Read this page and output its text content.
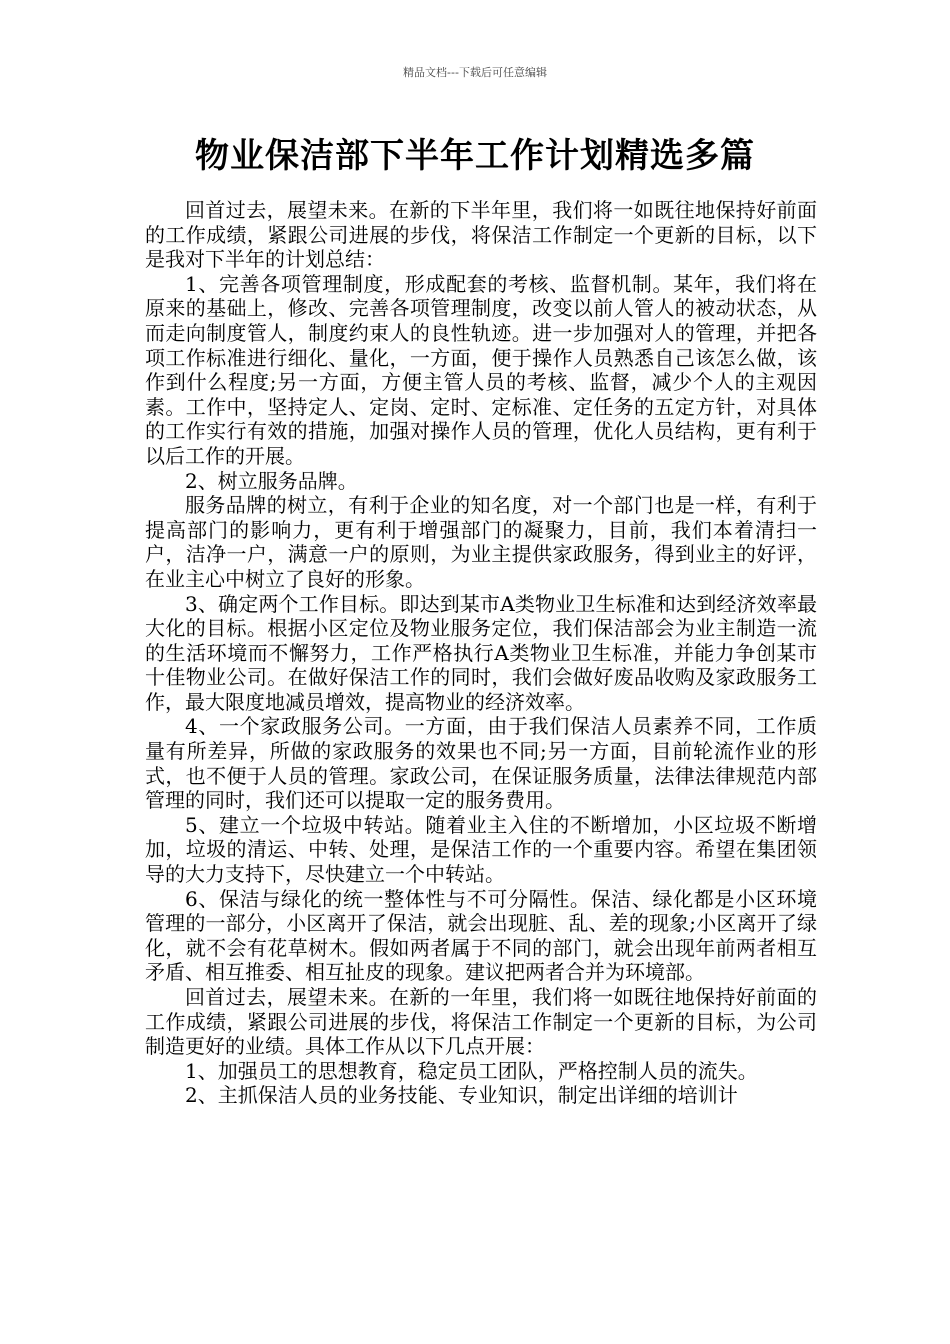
精品文档---下载后可任意编辑
物业保洁部下半年工作计划精选多篇

回首过去，展望未来。在新的下半年里，我们将一如既往地保持好前面的工作成绩，紧跟公司进展的步伐，将保洁工作制定一个更新的目标，以下是我对下半年的计划总结：

1、完善各项管理制度，形成配套的考核、监督机制。某年，我们将在原来的基础上，修改、完善各项管理制度，改变以前人管人的被动状态，从而走向制度管人，制度约束人的良性轨迹。进一步加强对人的管理，并把各项工作标准进行细化、量化，一方面，便于操作人员熟悉自己该怎么做，该作到什么程度;另一方面，方便主管人员的考核、监督，减少个人的主观因素。工作中，坚持定人、定岗、定时、定标准、定任务的五定方针，对具体的工作实行有效的措施，加强对操作人员的管理，优化人员结构，更有利于以后工作的开展。

2、树立服务品牌。

服务品牌的树立，有利于企业的知名度，对一个部门也是一样，有利于提高部门的影响力，更有利于增强部门的凝聚力，目前，我们本着清扫一户，洁净一户，满意一户的原则，为业主提供家政服务，得到业主的好评，在业主心中树立了良好的形象。

3、确定两个工作目标。即达到某市A类物业卫生标准和达到经济效率最大化的目标。根据小区定位及物业服务定位，我们保洁部会为业主制造一流的生活环境而不懈努力，工作严格执行A类物业卫生标准，并能力争创某市十佳物业公司。在做好保洁工作的同时，我们会做好废品收购及家政服务工作，最大限度地减员增效，提高物业的经济效率。

4、一个家政服务公司。一方面，由于我们保洁人员素养不同，工作质量有所差异，所做的家政服务的效果也不同;另一方面，目前轮流作业的形式，也不便于人员的管理。家政公司，在保证服务质量，法律法律规范内部管理的同时，我们还可以提取一定的服务费用。

5、建立一个垃圾中转站。随着业主入住的不断增加，小区垃圾不断增加，垃圾的清运、中转、处理，是保洁工作的一个重要内容。希望在集团领导的大力支持下，尽快建立一个中转站。

6、保洁与绿化的统一整体性与不可分隔性。保洁、绿化都是小区环境管理的一部分，小区离开了保洁，就会出现脏、乱、差的现象;小区离开了绿化，就不会有花草树木。假如两者属于不同的部门，就会出现年前两者相互矛盾、相互推委、相互扯皮的现象。建议把两者合并为环境部。

回首过去，展望未来。在新的一年里，我们将一如既往地保持好前面的工作成绩，紧跟公司进展的步伐，将保洁工作制定一个更新的目标，为公司制造更好的业绩。具体工作从以下几点开展：

1、加强员工的思想教育，稳定员工团队，严格控制人员的流失。

2、主抓保洁人员的业务技能、专业知识，制定出详细的培训计
